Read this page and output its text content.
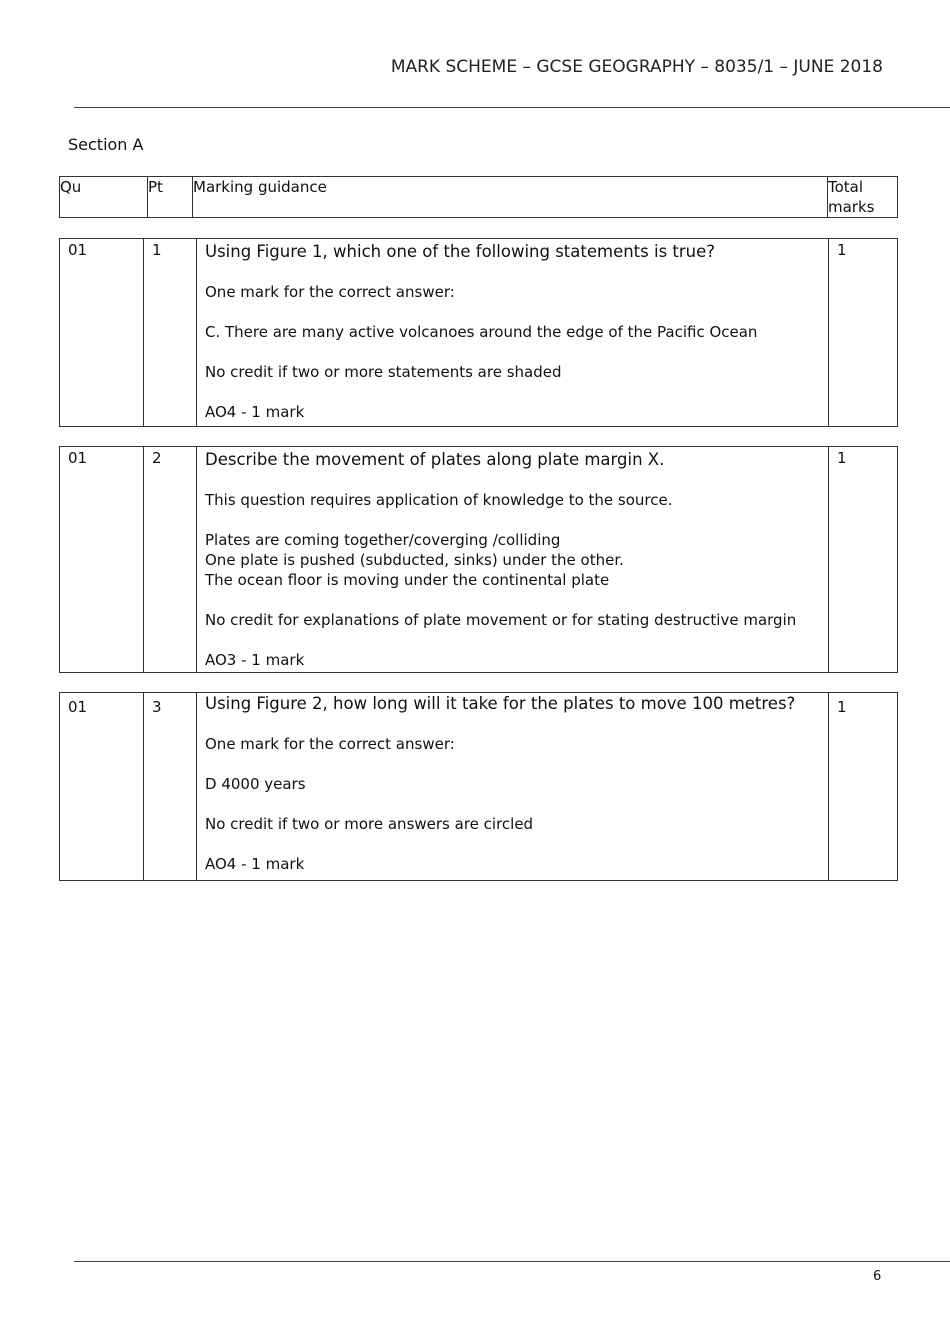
MARK SCHEME – GCSE GEOGRAPHY – 8035/1 – JUNE 2018
Section A
Qu	Pt	Marking guidance	Total marks
01	1	Using Figure 1, which one of the following statements is true?

One mark for the correct answer:

C. There are many active volcanoes around the edge of the Pacific Ocean

No credit if two or more statements are shaded

AO4 - 1 mark

	1
01	2	Describe the movement of plates along plate margin X.

This question requires application of knowledge to the source.

Plates are coming together/coverging /colliding

One plate is pushed (subducted, sinks) under the other.

The ocean floor is moving under the continental plate

No credit for explanations of plate movement or for stating destructive margin

AO3 - 1 mark

	1
01	3	Using Figure 2, how long will it take for the plates to move 100 metres?

One mark for the correct answer:

D 4000 years

No credit if two or more answers are circled

AO4 - 1 mark

	1
6
